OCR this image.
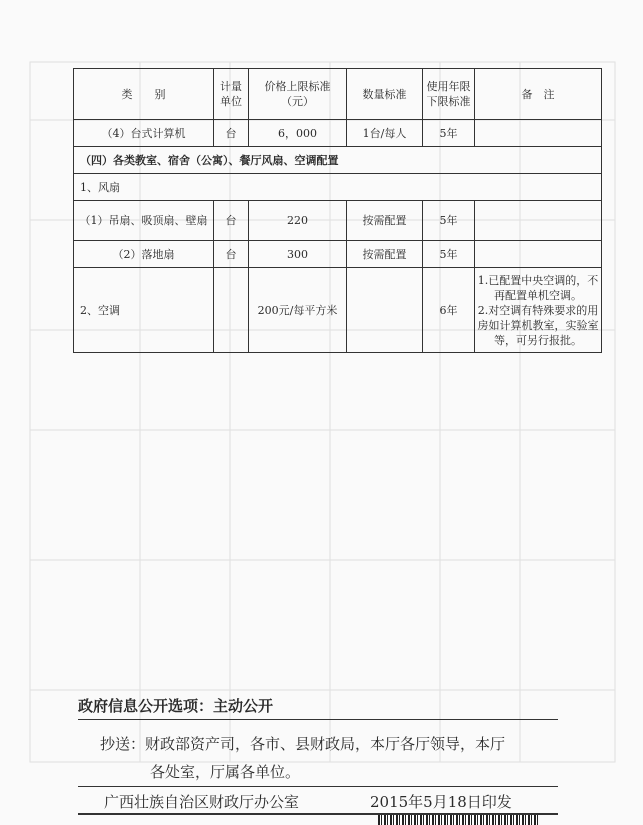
类　　别	计量单位	价格上限标准（元）	数量标准	使用年限下限标准	备　注
（4）台式计算机	台	6，000	1台/每人	5年	
（四）各类教室、宿舍（公寓）、餐厅风扇、空调配置					
1、风扇					
（1）吊扇、吸顶扇、壁扇	台	220	按需配置	5年	
（2）落地扇	台	300	按需配置	5年	
2、空调		200元/每平方米		6年	1.已配置中央空调的，不再配置单机空调。
2.对空调有特殊要求的用房如计算机教室，实验室等，可另行报批。
政府信息公开选项：主动公开
抄送：财政部资产司，各市、县财政局，本厅各厅领导，本厅
各处室，厅属各单位。
广西壮族自治区财政厅办公室	2015年5月18日印发
